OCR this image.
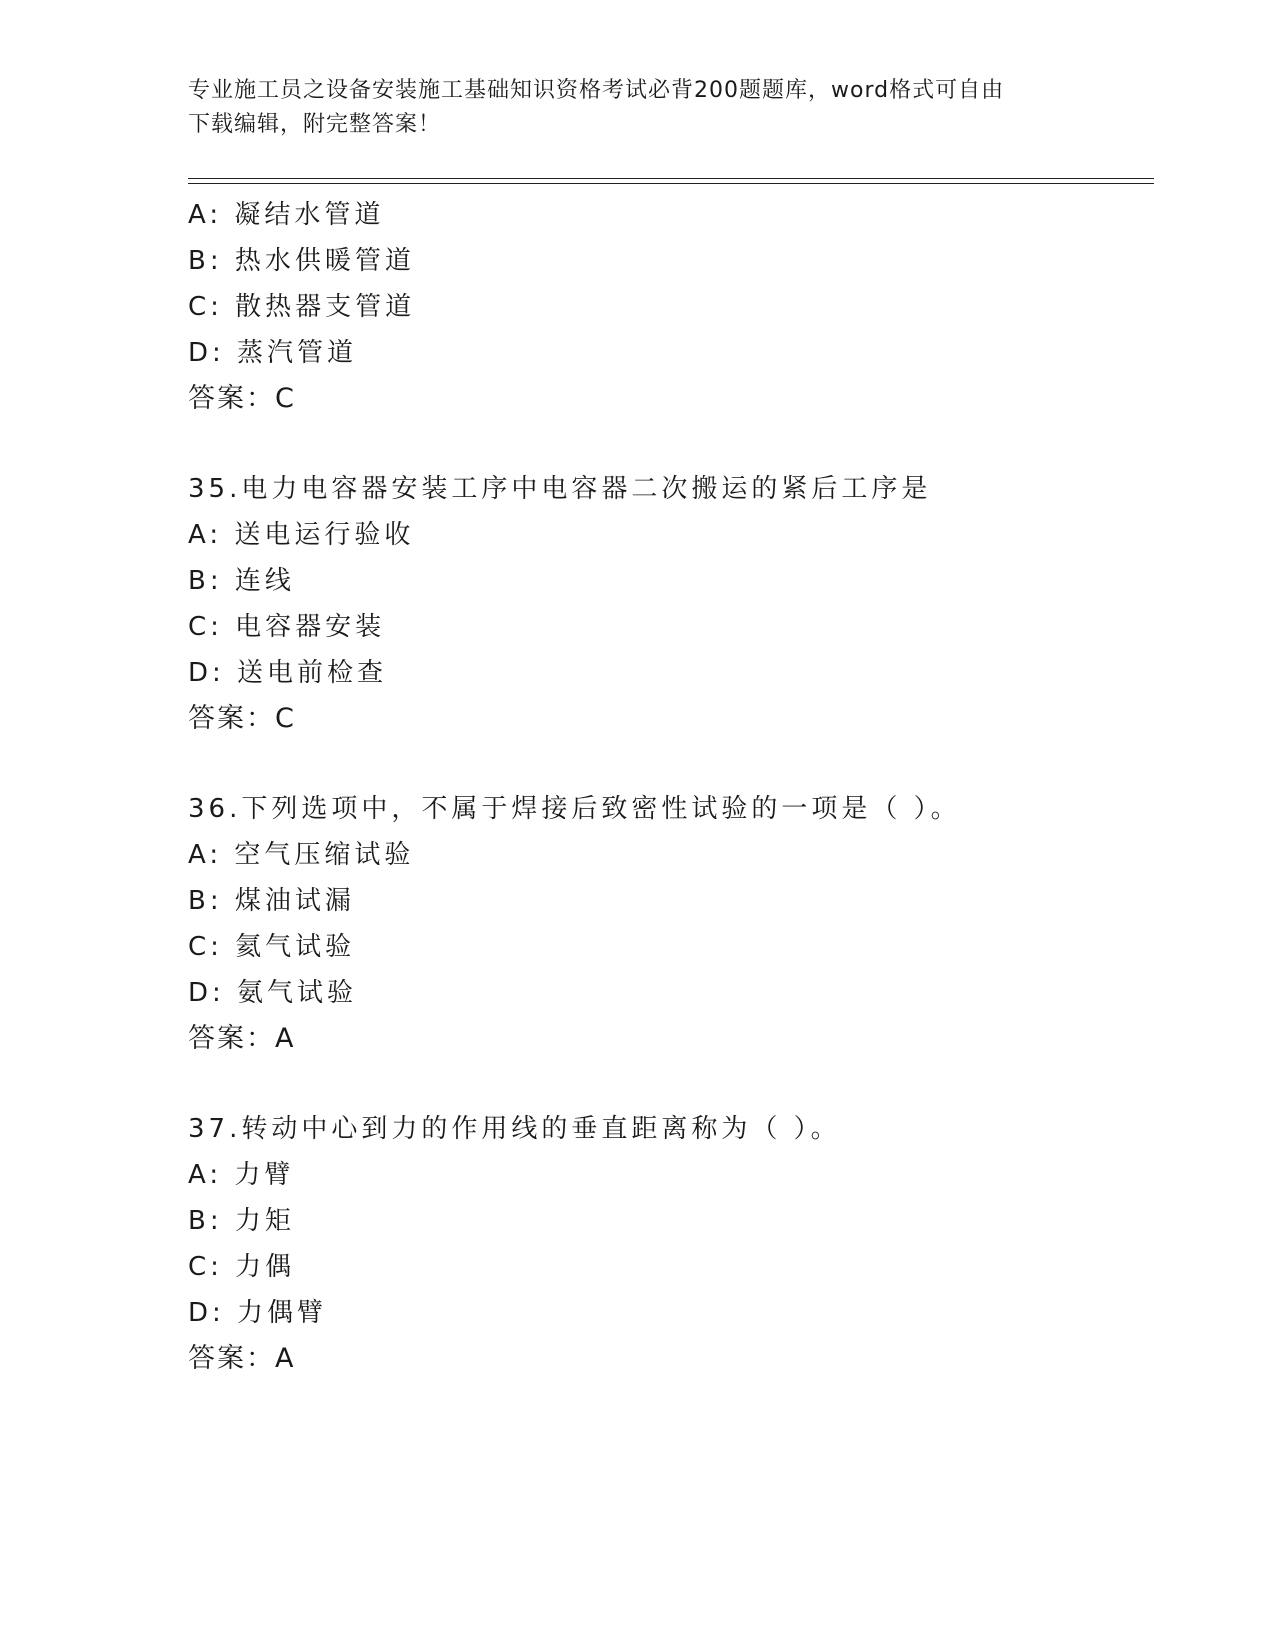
专业施工员之设备安装施工基础知识资格考试必背200题题库，word格式可自由
下载编辑，附完整答案！
A: 凝结水管道
B: 热水供暖管道
C: 散热器支管道
D: 蒸汽管道
答案：C
35.电力电容器安装工序中电容器二次搬运的紧后工序是
A: 送电运行验收
B: 连线
C: 电容器安装
D: 送电前检查
答案：C
36.下列选项中，不属于焊接后致密性试验的一项是（ ）。
A: 空气压缩试验
B: 煤油试漏
C: 氦气试验
D: 氨气试验
答案：A
37.转动中心到力的作用线的垂直距离称为（ ）。
A: 力臂
B: 力矩
C: 力偶
D: 力偶臂
答案：A
